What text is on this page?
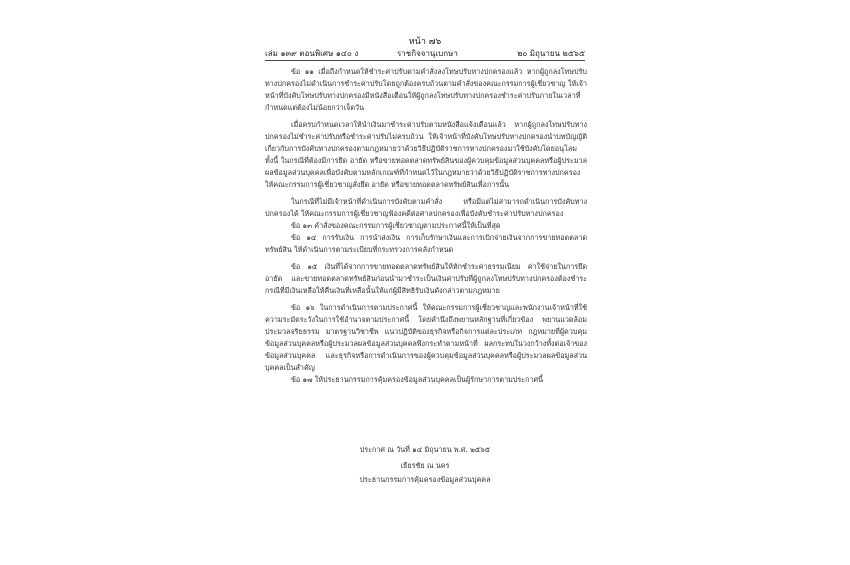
หน้า ๗๖
เล่ม ๑๓๙ ตอนพิเศษ ๑๔๐ ง	ราชกิจจานุเบกษา	๒๐ มิถุนายน ๒๕๖๕

ข้อ ๑๑ เมื่อถึงกำหนดให้ชำระค่าปรับตามคำสั่งลงโทษปรับทางปกครองแล้ว หากผู้ถูกลงโทษปรับทางปกครองไม่ดำเนินการชำระค่าปรับโดยถูกต้องครบถ้วนตามคำสั่งของคณะกรรมการผู้เชี่ยวชาญ ให้เจ้าหน้าที่บังคับโทษปรับทางปกครองมีหนังสือเตือนให้ผู้ถูกลงโทษปรับทางปกครองชำระค่าปรับภายในเวลาที่กำหนดแต่ต้องไม่น้อยกว่าเจ็ดวัน

เมื่อครบกำหนดเวลาให้นำเงินมาชำระค่าปรับตามหนังสือแจ้งเตือนแล้ว หากผู้ถูกลงโทษปรับทางปกครองไม่ชำระค่าปรับหรือชำระค่าปรับไม่ครบถ้วน ให้เจ้าหน้าที่บังคับโทษปรับทางปกครองนำบทบัญญัติเกี่ยวกับการบังคับทางปกครองตามกฎหมายว่าด้วยวิธีปฏิบัติราชการทางปกครองมาใช้บังคับโดยอนุโลม ทั้งนี้ ในกรณีที่ต้องมีการยึด อายัด หรือขายทอดตลาดทรัพย์สินของผู้ควบคุมข้อมูลส่วนบุคคลหรือผู้ประมวลผลข้อมูลส่วนบุคคลเพื่อบังคับตามหลักเกณฑ์ที่กำหนดไว้ในกฎหมายว่าด้วยวิธีปฏิบัติราชการทางปกครอง ให้คณะกรรมการผู้เชี่ยวชาญสั่งยึด อายัด หรือขายทอดตลาดทรัพย์สินเพื่อการนั้น

ในกรณีที่ไม่มีเจ้าหน้าที่ดำเนินการบังคับตามคำสั่ง หรือมีแต่ไม่สามารถดำเนินการบังคับทางปกครองได้ ให้คณะกรรมการผู้เชี่ยวชาญฟ้องคดีต่อศาลปกครองเพื่อบังคับชำระค่าปรับทางปกครอง

ข้อ ๑๓ คำสั่งของคณะกรรมการผู้เชี่ยวชาญตามประกาศนี้ให้เป็นที่สุด

ข้อ ๑๔ การรับเงิน การนำส่งเงิน การเก็บรักษาเงินและการเบิกจ่ายเงินจากการขายทอดตลาดทรัพย์สิน ให้ดำเนินการตามระเบียบที่กระทรวงการคลังกำหนด

ข้อ ๑๕ เงินที่ได้จากการขายทอดตลาดทรัพย์สินให้หักชำระค่าธรรมเนียม ค่าใช้จ่ายในการยึด อายัด และขายทอดตลาดทรัพย์สินก่อนนำมาชำระเป็นเงินค่าปรับที่ผู้ถูกลงโทษปรับทางปกครองต้องชำระ กรณีที่มีเงินเหลือให้คืนเงินที่เหลือนั้นให้แก่ผู้มีสิทธิรับเงินดังกล่าวตามกฎหมาย

ข้อ ๑๖ ในการดำเนินการตามประกาศนี้ ให้คณะกรรมการผู้เชี่ยวชาญและพนักงานเจ้าหน้าที่ใช้ความระมัดระวังในการใช้อำนาจตามประกาศนี้ โดยคำนึงถึงพยานหลักฐานที่เกี่ยวข้อง พยานแวดล้อม ประมวลจริยธรรม มาตรฐานวิชาชีพ แนวปฏิบัติของธุรกิจหรือกิจการแต่ละประเภท กฎหมายที่ผู้ควบคุมข้อมูลส่วนบุคคลหรือผู้ประมวลผลข้อมูลส่วนบุคคลพึงกระทำตามหน้าที่ ผลกระทบในวงกว้างทั้งต่อเจ้าของข้อมูลส่วนบุคคล และธุรกิจหรือการดำเนินการของผู้ควบคุมข้อมูลส่วนบุคคลหรือผู้ประมวลผลข้อมูลส่วนบุคคลเป็นสำคัญ

ข้อ ๑๗ ให้ประธานกรรมการคุ้มครองข้อมูลส่วนบุคคลเป็นผู้รักษาการตามประกาศนี้

ประกาศ ณ วันที่ ๑๔ มิถุนายน พ.ศ. ๒๕๖๕
เธียรชัย ณ นคร
ประธานกรรมการคุ้มครองข้อมูลส่วนบุคคล
